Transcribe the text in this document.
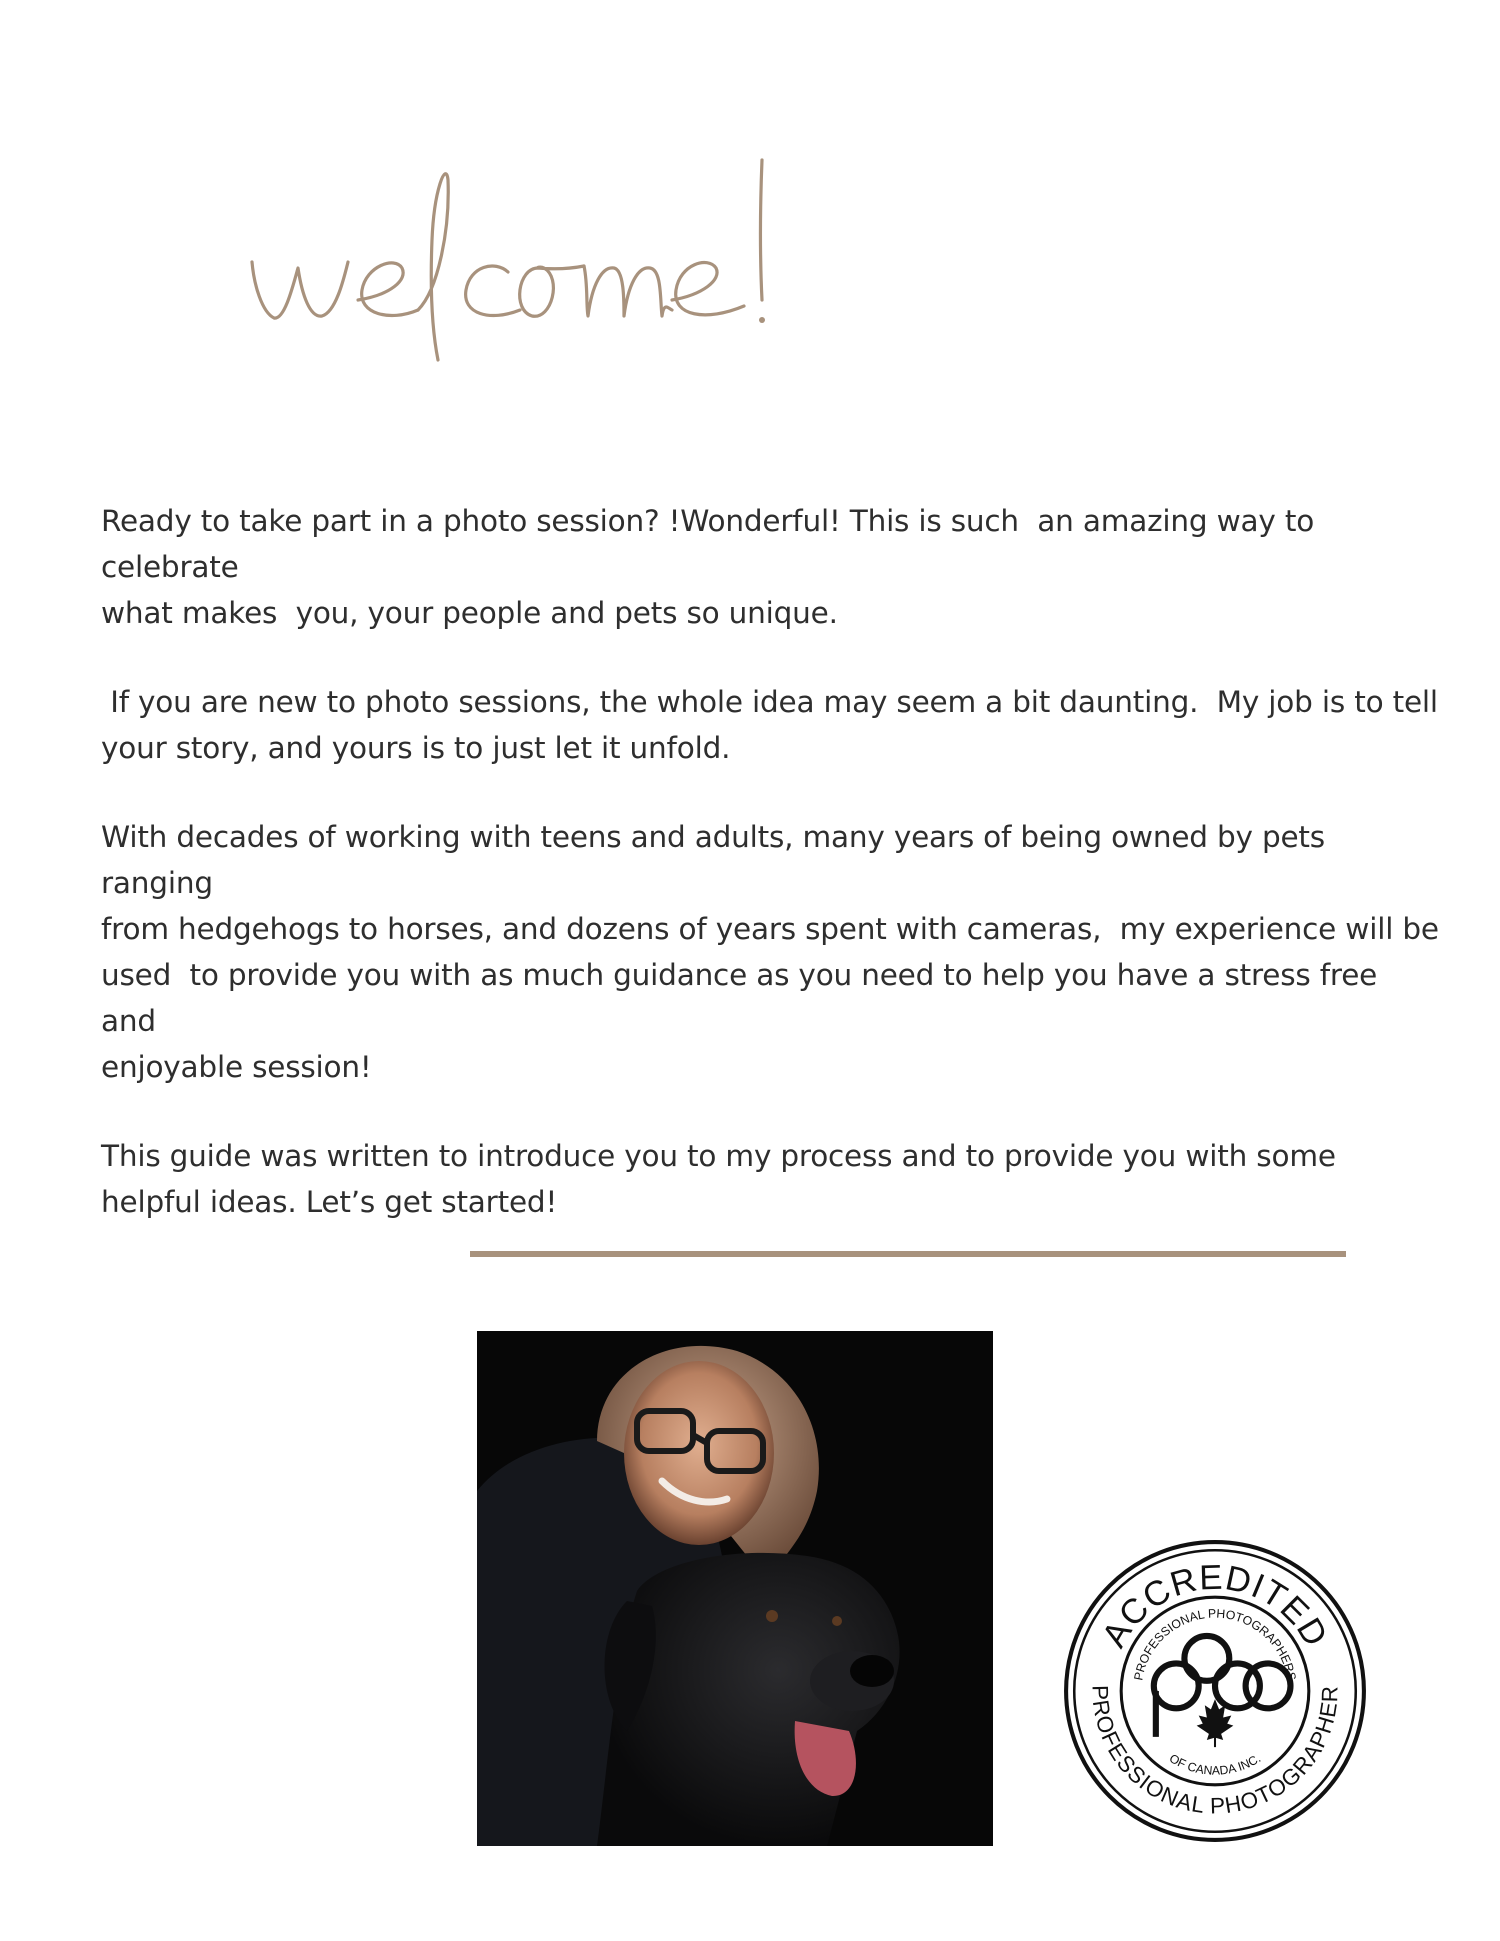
Ready to take part in a photo session? !Wonderful! This is such  an amazing way to celebrate
what makes  you, your people and pets so unique.

If you are new to photo sessions, the whole idea may seem a bit daunting.  My job is to tell
your story, and yours is to just let it unfold.

With decades of working with teens and adults, many years of being owned by pets ranging
from hedgehogs to horses, and dozens of years spent with cameras,  my experience will be
used  to provide you with as much guidance as you need to help you have a stress free  and
enjoyable session!

This guide was written to introduce you to my process and to provide you with some
helpful ideas. Let’s get started!

ACCREDITED
PROFESSIONAL PHOTOGRAPHER
PROFESSIONAL PHOTOGRAPHERS
OF CANADA INC.
